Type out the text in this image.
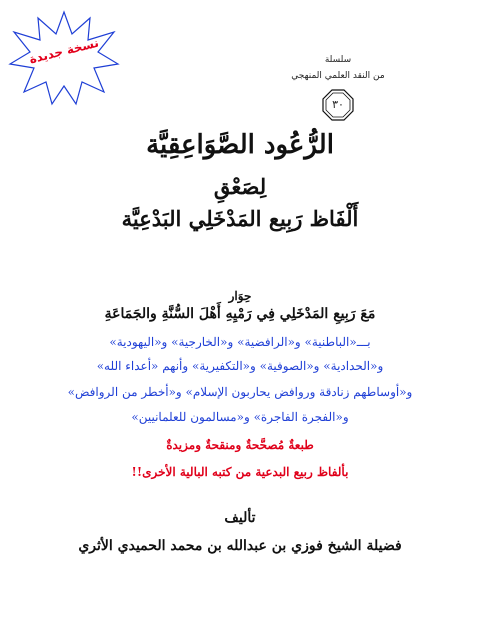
نسخة جديدة	سلسلة
من النقد العلمي المنهجي
٣٠
الرُّعُود الصَّوَاعِقِيَّة
لِصَعْقِ
أَلْفَاظ رَبِيع المَدْخَلِي البَدْعِيَّة
حِوَار
مَعَ رَبِيعِ المَدْخَلِي فِي رَمْيِهِ أَهْلَ السُّنَّةِ والجَمَاعَةِ
بـــ«الباطنية» و«الرافضية» و«الخارجية» و«اليهودية»
و«الحدادية» و«الصوفية» و«التكفيرية» وأنهم «أعداء الله»
و«أوساطهم زنادقة وروافض يحاربون الإسلام» و«أخطر من الروافض»
و«الفجرة الفاجرة» و«مسالمون للعلمانيين»
طبعةٌ مُصحَّحةٌ ومنقحةٌ ومزيدةٌ
بألفاظ ربيع البدعية من كتبه البالية الأخرى!!
تأليف
فضيلة الشيخ فوزي بن عبدالله بن محمد الحميدي الأثري
